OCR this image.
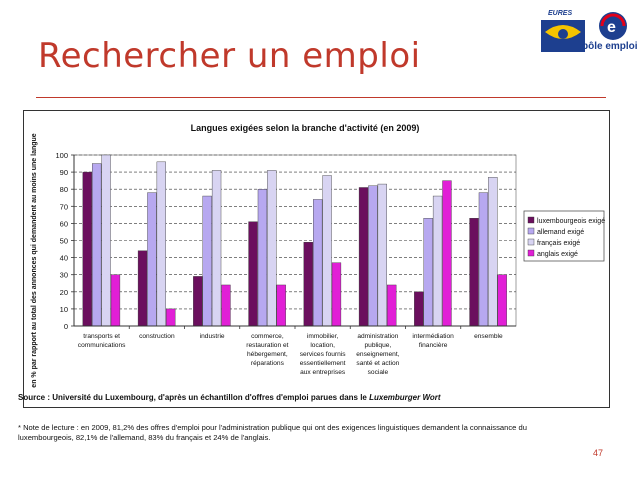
Rechercher un emploi
EURES
e
pôle emploi
Langues exigées selon la branche d'activité (en 2009)
0
10
20
30
40
50
60
70
80
90
100
en % par rapport au total des annonces qui demandent au moins une langue	transports et
communications
construction	industrie	commerce,
restauration et
hébergement,
réparations
immobilier,
location,
services fournis
essentiellement
aux entreprises
administration
publique,
enseignement,
santé et action
sociale
intermédiation
financière
ensemble
luxembourgeois exigé
allemand exigé
français exigé
anglais exigé
Source : Université du Luxembourg, d'après un échantillon d'offres d'emploi parues dans le Luxemburger Wort
* Note de lecture : en 2009, 81,2% des offres d'emploi pour l'administration publique qui ont des exigences linguistiques demandent la connaissance du luxembourgeois, 82,1% de l'allemand, 83% du français et 24% de l'anglais.
47
